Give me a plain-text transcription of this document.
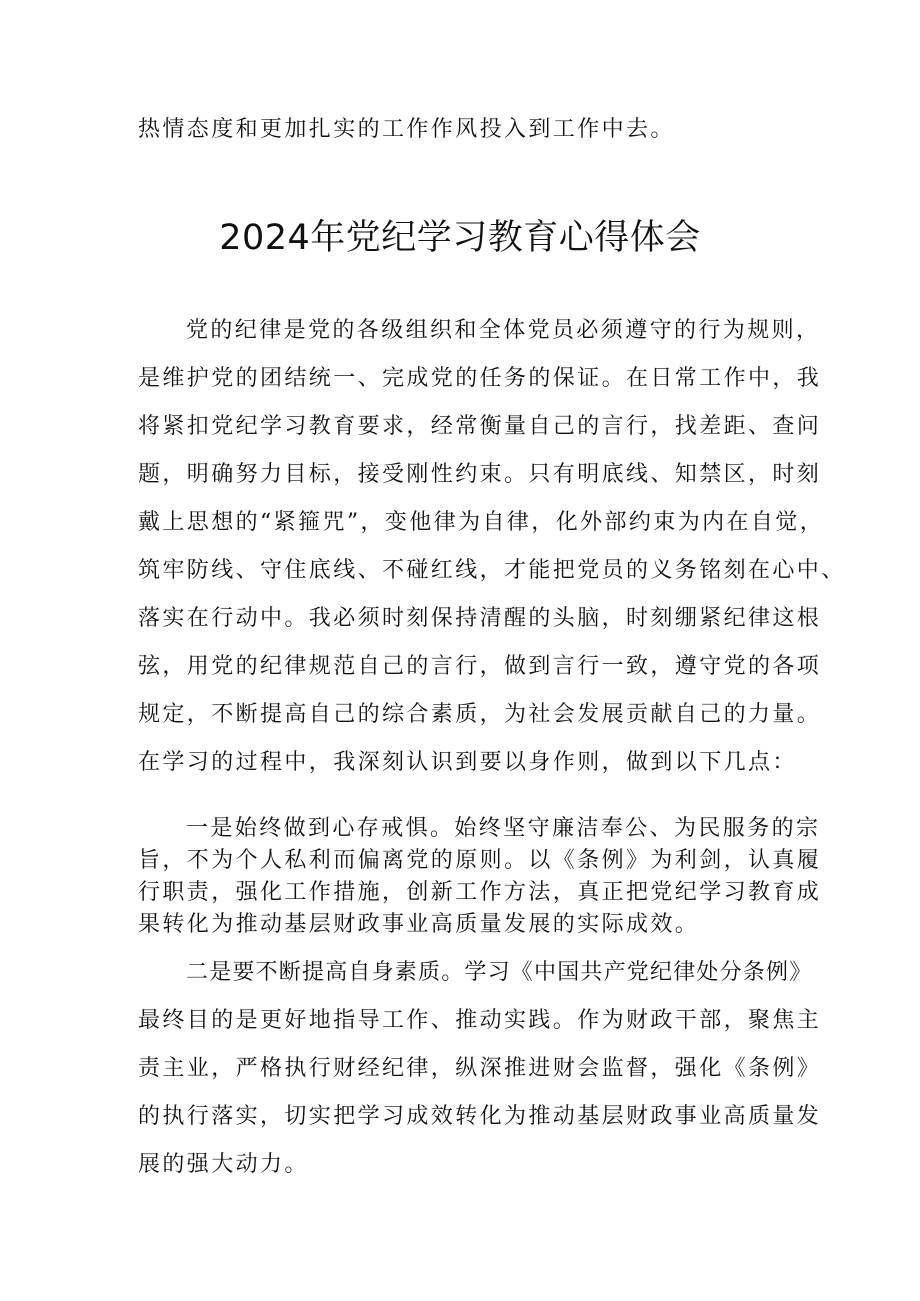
热情态度和更加扎实的工作作风投入到工作中去。
2024年党纪学习教育心得体会
党的纪律是党的各级组织和全体党员必须遵守的行为规则，
是维护党的团结统一、完成党的任务的保证。在日常工作中，我
将紧扣党纪学习教育要求，经常衡量自己的言行，找差距、查问
题，明确努力目标，接受刚性约束。只有明底线、知禁区，时刻
戴上思想的“紧箍咒”，变他律为自律，化外部约束为内在自觉，
筑牢防线、守住底线、不碰红线，才能把党员的义务铭刻在心中、
落实在行动中。我必须时刻保持清醒的头脑，时刻绷紧纪律这根
弦，用党的纪律规范自己的言行，做到言行一致，遵守党的各项
规定，不断提高自己的综合素质，为社会发展贡献自己的力量。
在学习的过程中，我深刻认识到要以身作则，做到以下几点：
一是始终做到心存戒惧。始终坚守廉洁奉公、为民服务的宗
旨，不为个人私利而偏离党的原则。以《条例》为利剑，认真履
行职责，强化工作措施，创新工作方法，真正把党纪学习教育成
果转化为推动基层财政事业高质量发展的实际成效。
二是要不断提高自身素质。学习《中国共产党纪律处分条例》
最终目的是更好地指导工作、推动实践。作为财政干部，聚焦主
责主业，严格执行财经纪律，纵深推进财会监督，强化《条例》
的执行落实，切实把学习成效转化为推动基层财政事业高质量发
展的强大动力。
